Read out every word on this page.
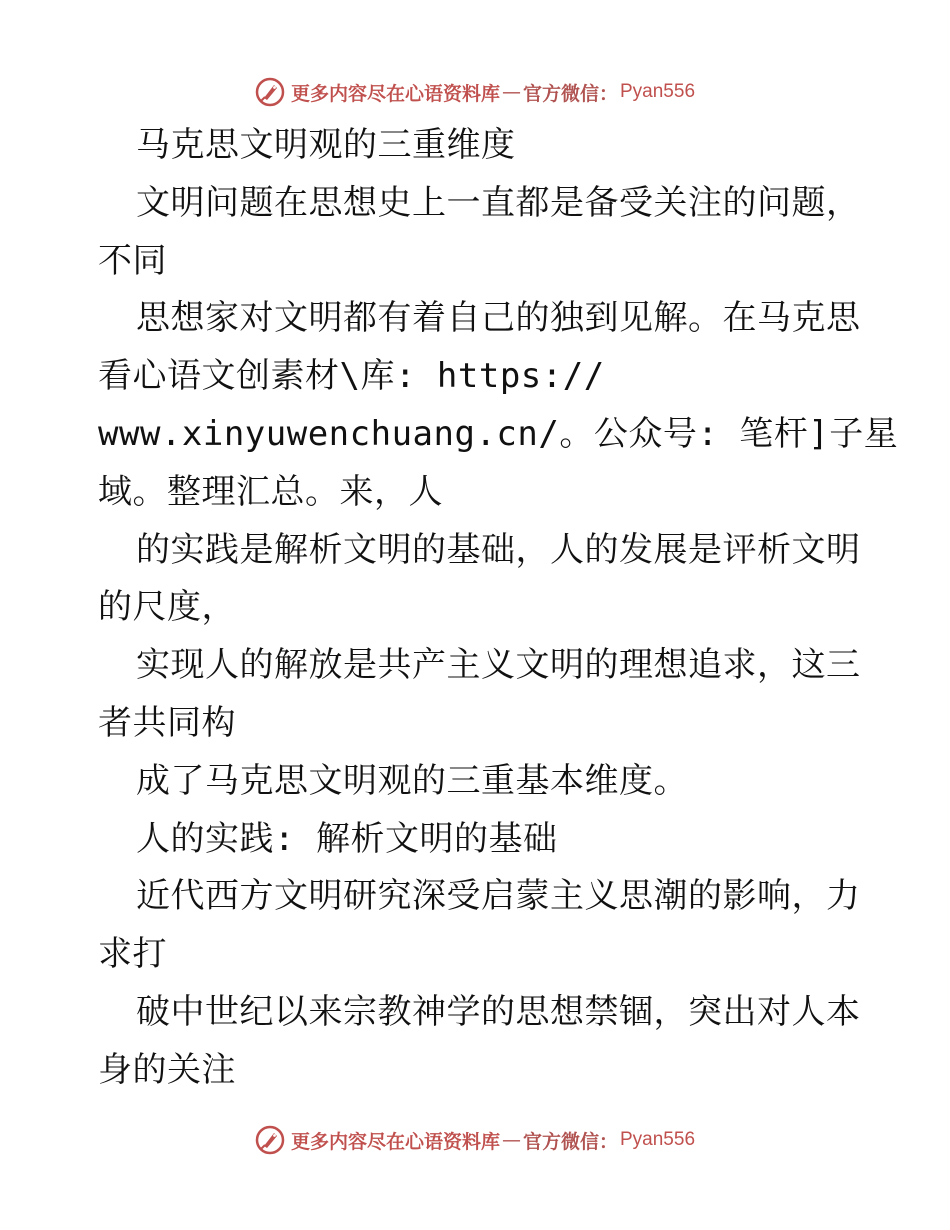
更多内容尽在心语资料库 — 官方微信： Pyan556
马克思文明观的三重维度
文明问题在思想史上一直都是备受关注的问题，
不同
思想家对文明都有着自己的独到见解。在马克思
看心语文创素材\库: https://
www.xinyuwenchuang.cn/。公众号: 笔杆]子星
域。整理汇总。来，人
的实践是解析文明的基础，人的发展是评析文明
的尺度，
实现人的解放是共产主义文明的理想追求，这三
者共同构
成了马克思文明观的三重基本维度。
人的实践: 解析文明的基础
近代西方文明研究深受启蒙主义思潮的影响，力
求打
破中世纪以来宗教神学的思想禁锢，突出对人本
身的关注
更多内容尽在心语资料库 — 官方微信： Pyan556
